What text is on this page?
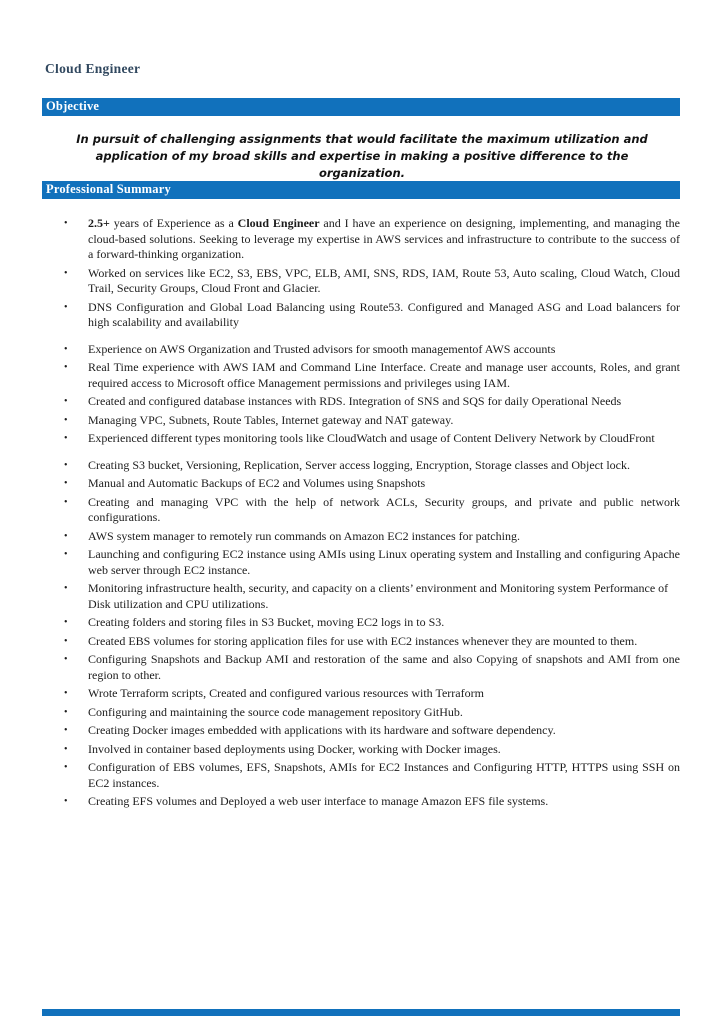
Cloud Engineer
Objective
In pursuit of challenging assignments that would facilitate the maximum utilization and application of my broad skills and expertise in making a positive difference to the organization.
Professional Summary
•	2.5+ years of Experience as a Cloud Engineer and I have an experience on designing, implementing, and managing the cloud-based solutions. Seeking to leverage my expertise in AWS services and infrastructure to contribute to the success of a forward-thinking organization.
•	Worked on services like EC2, S3, EBS, VPC, ELB, AMI, SNS, RDS, IAM, Route 53, Auto scaling, Cloud Watch, Cloud Trail, Security Groups, Cloud Front and Glacier.
•	DNS Configuration and Global Load Balancing using Route53. Configured and Managed ASG and Load balancers for high scalability and availability
•	Experience on AWS Organization and Trusted advisors for smooth managementof AWS accounts
•	Real Time experience with AWS IAM and Command Line Interface. Create and manage user accounts, Roles, and grant required access to Microsoft office Management permissions and privileges using IAM.
•	Created and configured database instances with RDS. Integration of SNS and SQS for daily Operational Needs
•	Managing VPC, Subnets, Route Tables, Internet gateway and NAT gateway.
•	Experienced different types monitoring tools like CloudWatch and usage of Content Delivery Network by CloudFront
•	Creating S3 bucket, Versioning, Replication, Server access logging, Encryption, Storage classes and Object lock.
•	Manual and Automatic Backups of EC2 and Volumes using Snapshots
•	Creating and managing VPC with the help of network ACLs, Security groups, and private and public network configurations.
•	AWS system manager to remotely run commands on Amazon EC2 instances for patching.
•	Launching and configuring EC2 instance using AMIs using Linux operating system and Installing and configuring Apache web server through EC2 instance.
•	Monitoring infrastructure health, security, and capacity on a clients’ environment and Monitoring system Performance of Disk utilization and CPU utilizations.
•	Creating folders and storing files in S3 Bucket, moving EC2 logs in to S3.
•	Created EBS volumes for storing application files for use with EC2 instances whenever they are mounted to them.
•	Configuring Snapshots and Backup AMI and restoration of the same and also Copying of snapshots and AMI from one region to other.
•	Wrote Terraform scripts, Created and configured various resources with Terraform
•	Configuring and maintaining the source code management repository GitHub.
•	Creating Docker images embedded with applications with its hardware and software dependency.
•	Involved in container based deployments using Docker, working with Docker images.
•	Configuration of EBS volumes, EFS, Snapshots, AMIs for EC2 Instances and Configuring HTTP, HTTPS using SSH on EC2 instances.
•	Creating EFS volumes and Deployed a web user interface to manage Amazon EFS file systems.
